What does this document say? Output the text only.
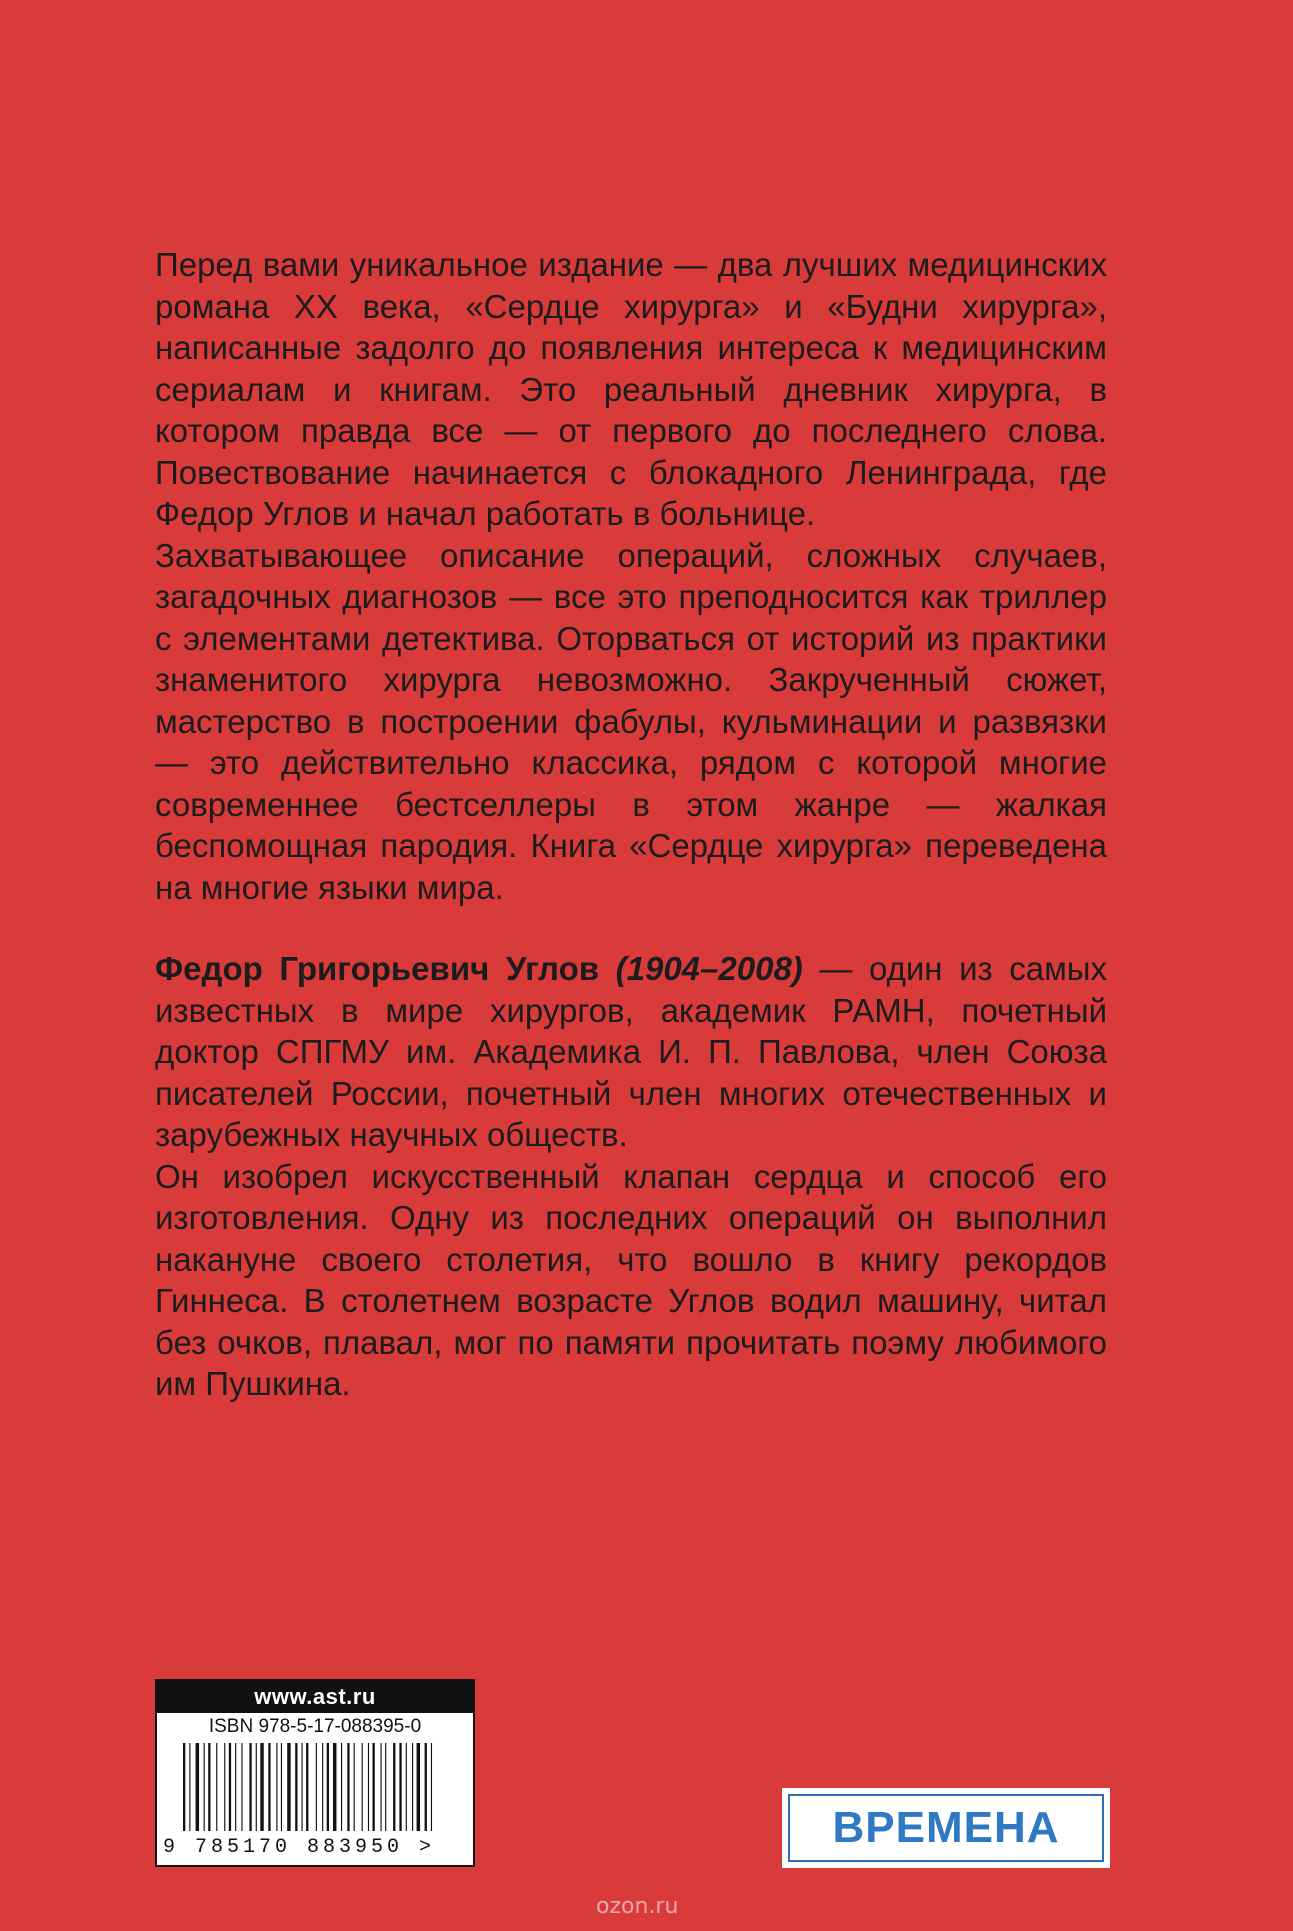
Перед вами уникальное издание — два лучших медицинских романа XX века, «Сердце хирурга» и «Будни хирурга», написанные задолго до появления интереса к медицинским сериалам и книгам. Это реальный дневник хирурга, в котором правда все — от первого до последнего слова. Повествование начинается с блокадного Ленинграда, где Федор Углов и начал работать в больнице.

Захватывающее описание операций, сложных случаев, загадочных диагнозов — все это преподносится как триллер с элементами детектива. Оторваться от историй из практики знаменитого хирурга невозможно. Закрученный сюжет, мастерство в построении фабулы, кульминации и развязки — это действительно классика, рядом с которой многие современнее бестселлеры в этом жанре — жалкая беспомощная пародия. Книга «Сердце хирурга» переведена на многие языки мира.

Федор Григорьевич Углов (1904–2008) — один из самых известных в мире хирургов, академик РАМН, почетный доктор СПГМУ им. Академика И. П. Павлова, член Союза писателей России, почетный член многих отечественных и зарубежных научных обществ.

Он изобрел искусственный клапан сердца и способ его изготовления. Одну из последних операций он выполнил накануне своего столетия, что вошло в книгу рекордов Гиннеса. В столетнем возрасте Углов водил машину, читал без очков, плавал, мог по памяти прочитать поэму любимого им Пушкина.

www.ast.ru
ISBN 978-5-17-088395-0
9 785170 883950 >	ВРЕМЕНА
ozon.ru
